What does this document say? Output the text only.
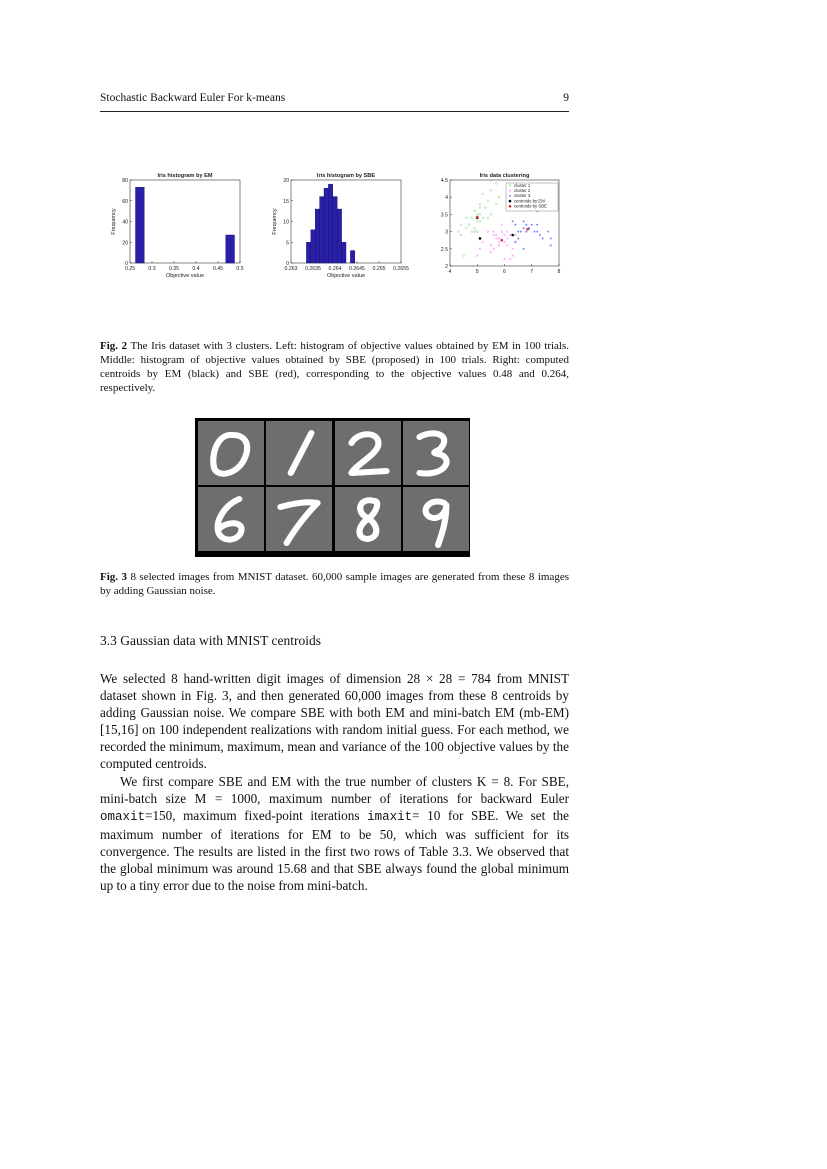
Stochastic Backward Euler For k-means	9
Iris histogram by EM
0.25	0.3	0.35	0.4	0.45	0.5
0
20
40
60
80
Objective value
Frequency
Iris histogram by SBE
0.263 0.2635 0.264 0.2645 0.265 0.2655
0
5
10
15
20
Objective value
Frequency
Iris data clustering
4	5	6	7	8
2
2.5
3
3.5
4
4.5
cluster 1
cluster 2
cluster 3
centroids by EM
centroids by SBE
Fig. 2 The Iris dataset with 3 clusters. Left: histogram of objective values obtained by EM in 100 trials. Middle: histogram of objective values obtained by SBE (proposed) in 100 trials. Right: computed centroids by EM (black) and SBE (red), corresponding to the objective values 0.48 and 0.264, respectively.
Fig. 3 8 selected images from MNIST dataset. 60,000 sample images are generated from these 8 images by adding Gaussian noise.
3.3 Gaussian data with MNIST centroids
We selected 8 hand-written digit images of dimension 28 × 28 = 784 from MNIST dataset shown in Fig. 3, and then generated 60,000 images from these 8 centroids by adding Gaussian noise. We compare SBE with both EM and mini-batch EM (mb-EM) [15,16] on 100 independent realizations with random initial guess. For each method, we recorded the minimum, maximum, mean and variance of the 100 objective values by the computed centroids.
We first compare SBE and EM with the true number of clusters K = 8. For SBE, mini-batch size M = 1000, maximum number of iterations for backward Euler omaxit=150, maximum fixed-point iterations imaxit= 10 for SBE. We set the maximum number of iterations for EM to be 50, which was sufficient for its convergence. The results are listed in the first two rows of Table 3.3. We observed that the global minimum was around 15.68 and that SBE always found the global minimum up to a tiny error due to the noise from mini-batch.
